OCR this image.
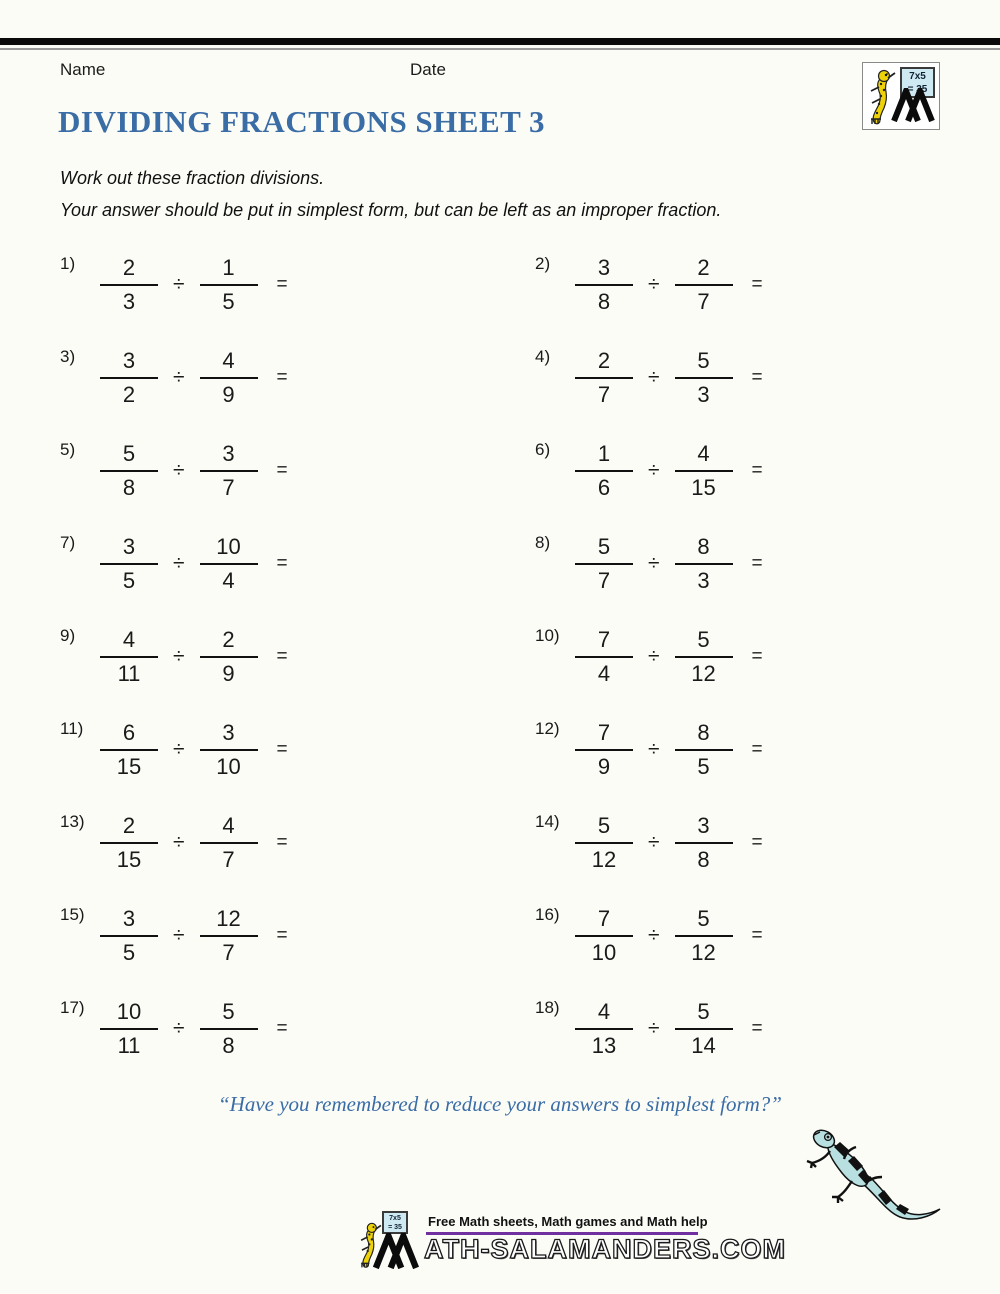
Name	Date	7x5
= 35
DIVIDING FRACTIONS SHEET 3
Work out these fraction divisions.
Your answer should be put in simplest form, but can be left as an improper fraction.
1)	$\frac{2}{3} \div \frac{1}{5}$ =
2)	$\frac{3}{8} \div \frac{2}{7}$ =
3)	$\frac{3}{2} \div \frac{4}{9}$ =
4)	$\frac{2}{7} \div \frac{5}{3}$ =
5)	$\frac{5}{8} \div \frac{3}{7}$ =
6)	$\frac{1}{6} \div \frac{4}{15}$ =
7)	$\frac{3}{5} \div \frac{10}{4}$ =
8)	$\frac{5}{7} \div \frac{8}{3}$ =
9)	$\frac{4}{11} \div \frac{2}{9}$ =
$10) \frac{7}{4} \div \frac{5}{12}$ =
$11) \frac{6}{15} \div \frac{3}{10}$ =
$12) \frac{7}{9} \div \frac{8}{5}$ =
$13) \frac{2}{15} \div \frac{4}{7}$ =
$14) \frac{5}{12} \div \frac{3}{8}$ =
$15) \frac{3}{5} \div \frac{12}{7}$ =
$16) \frac{7}{10} \div \frac{5}{12}$ =
$17) \frac{10}{11} \div \frac{5}{8}$ =
$18) \frac{4}{13} \div \frac{5}{14}$ =
“Have you remembered to reduce your answers to simplest form?”
7x5
= 35	Free Math sheets, Math games and Math help
ATH-SALAMANDERS.COM
